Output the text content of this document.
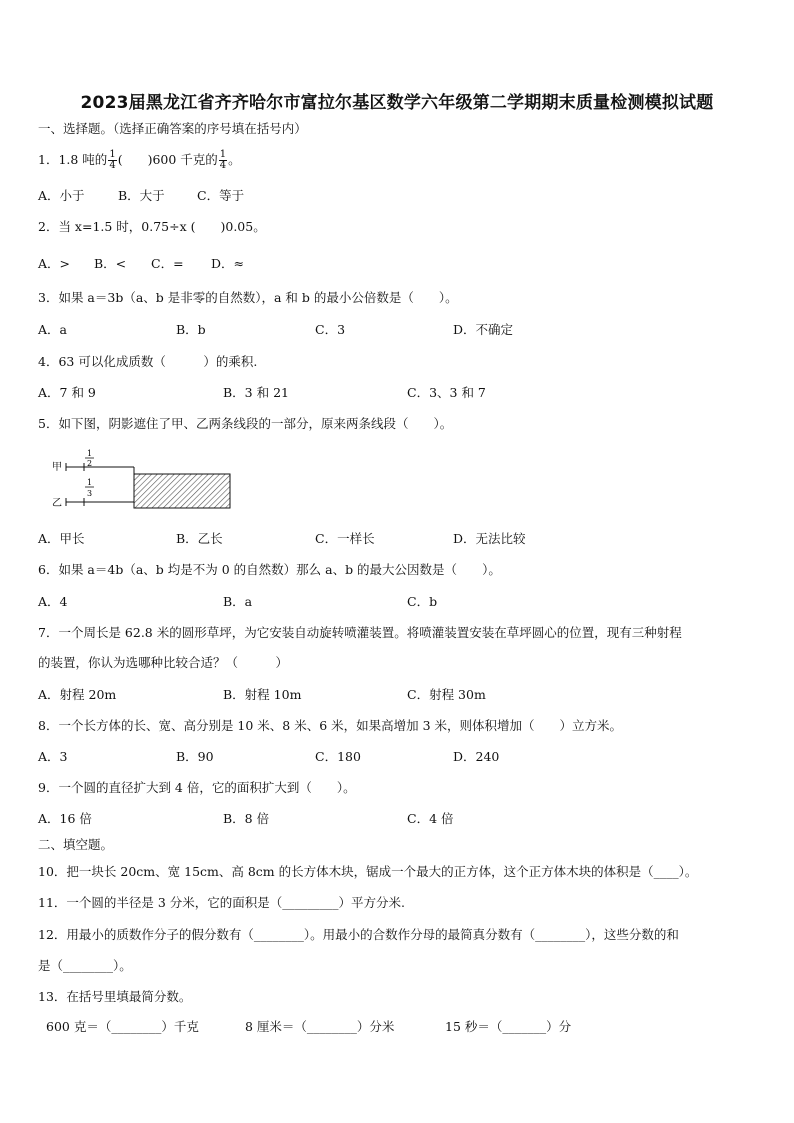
2023届黑龙江省齐齐哈尔市富拉尔基区数学六年级第二学期期末质量检测模拟试题
一、选择题。（选择正确答案的序号填在括号内）
1．1.8 吨的 $\frac{1}{4}$ (　　)600 千克的 $\frac{1}{4}$ 。
A．小于	B．大于	C．等于
2．当 x=1.5 时，0.75÷x (　　)0.05。
A．> B．< C．= D．≈
3．如果 a＝3b（a、b 是非零的自然数），a 和 b 的最小公倍数是（　　）。
A．a	B．b	C．3	D．不确定
4．63 可以化成质数（　　　）的乘积.
A．7 和 9	B．3 和 21	C．3、3 和 7
5．如下图，阴影遮住了甲、乙两条线段的一部分，原来两条线段（　　）。
甲
乙
1
2
1
3
A．甲长	B．乙长	C．一样长	D．无法比较
6．如果 a＝4b（a、b 均是不为 0 的自然数）那么 a、b 的最大公因数是（　　）。
A．4	B．a	C．b
7．一个周长是 62.8 米的圆形草坪，为它安装自动旋转喷灌装置。将喷灌装置安装在草坪圆心的位置，现有三种射程
的装置，你认为选哪种比较合适？（　　　）
A．射程 20m	B．射程 10m	C．射程 30m
8．一个长方体的长、宽、高分别是 10 米、8 米、6 米，如果高增加 3 米，则体积增加（　　）立方米。
A．3	B．90	C．180	D．240
9．一个圆的直径扩大到 4 倍，它的面积扩大到（　　）。
A．16 倍	B．8 倍	C．4 倍
二、填空题。
10．把一块长 20cm、宽 15cm、高 8cm 的长方体木块，锯成一个最大的正方体，这个正方体木块的体积是（____）。
11．一个圆的半径是 3 分米，它的面积是（_________）平方分米.
12．用最小的质数作分子的假分数有（________）。用最小的合数作分母的最简真分数有（________），这些分数的和
是（________）。
13．在括号里填最简分数。
600 克＝（________）千克	8 厘米＝（________）分米	15 秒＝（_______）分
